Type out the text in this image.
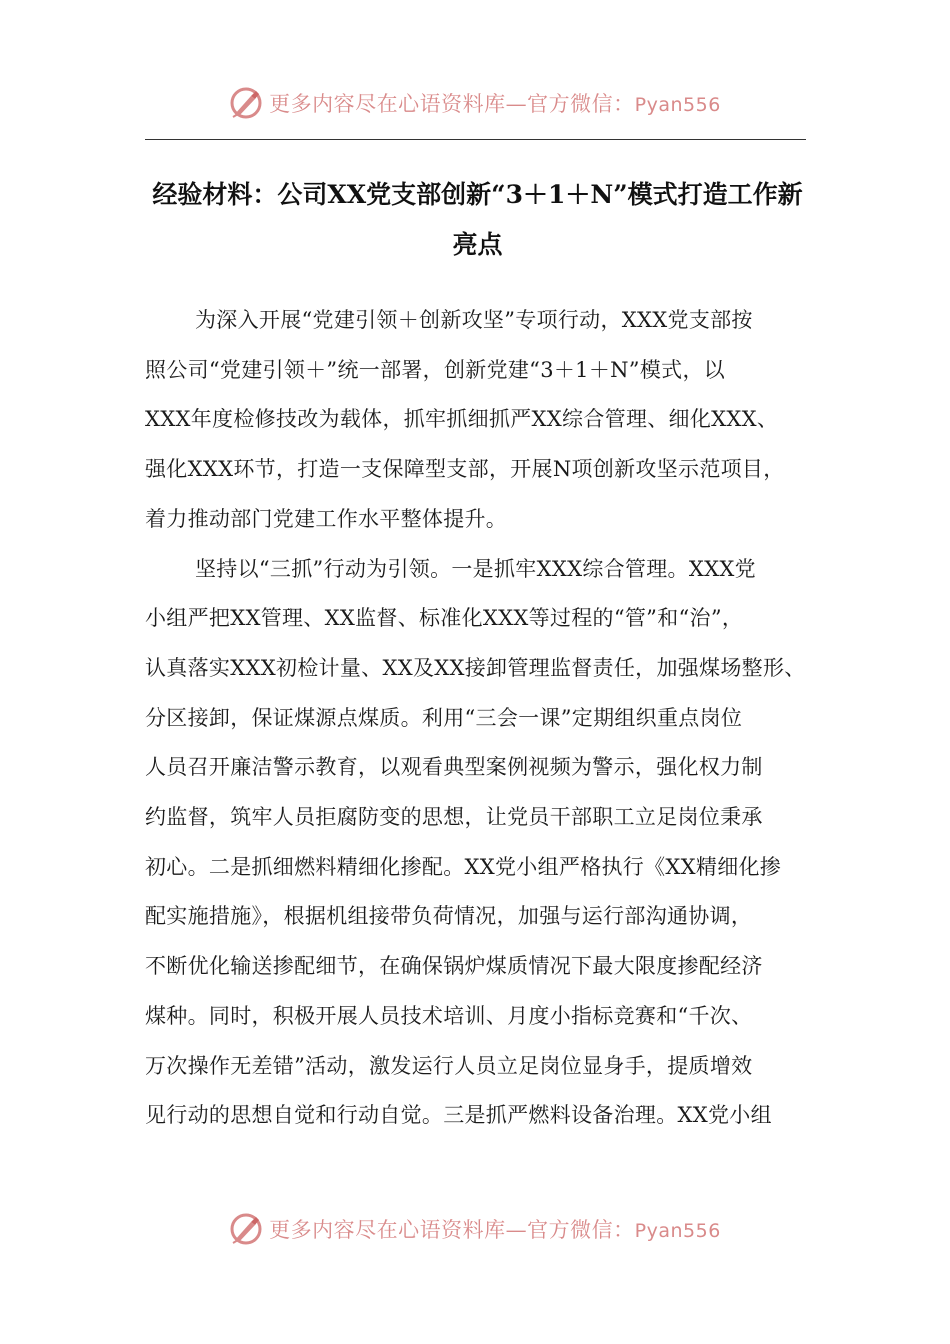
更多内容尽在心语资料库—官方微信：Pyan556
经验材料：公司XX党支部创新“3＋1＋N”模式打造工作新
亮点

为深入开展“党建引领＋创新攻坚”专项行动，XXX党支部按
照公司“党建引领＋”统一部署，创新党建“3＋1＋N”模式，以
XXX年度检修技改为载体，抓牢抓细抓严XX综合管理、细化XXX、
强化XXX环节，打造一支保障型支部，开展N项创新攻坚示范项目，
着力推动部门党建工作水平整体提升。

坚持以“三抓”行动为引领。一是抓牢XXX综合管理。XXX党
小组严把XX管理、XX监督、标准化XXX等过程的“管”和“治”，
认真落实XXX初检计量、XX及XX接卸管理监督责任，加强煤场整形、
分区接卸，保证煤源点煤质。利用“三会一课”定期组织重点岗位
人员召开廉洁警示教育，以观看典型案例视频为警示，强化权力制
约监督，筑牢人员拒腐防变的思想，让党员干部职工立足岗位秉承
初心。二是抓细燃料精细化掺配。XX党小组严格执行《XX精细化掺
配实施措施》，根据机组接带负荷情况，加强与运行部沟通协调，
不断优化输送掺配细节，在确保锅炉煤质情况下最大限度掺配经济
煤种。同时，积极开展人员技术培训、月度小指标竞赛和“千次、
万次操作无差错”活动，激发运行人员立足岗位显身手，提质增效
见行动的思想自觉和行动自觉。三是抓严燃料设备治理。XX党小组

更多内容尽在心语资料库—官方微信：Pyan556
